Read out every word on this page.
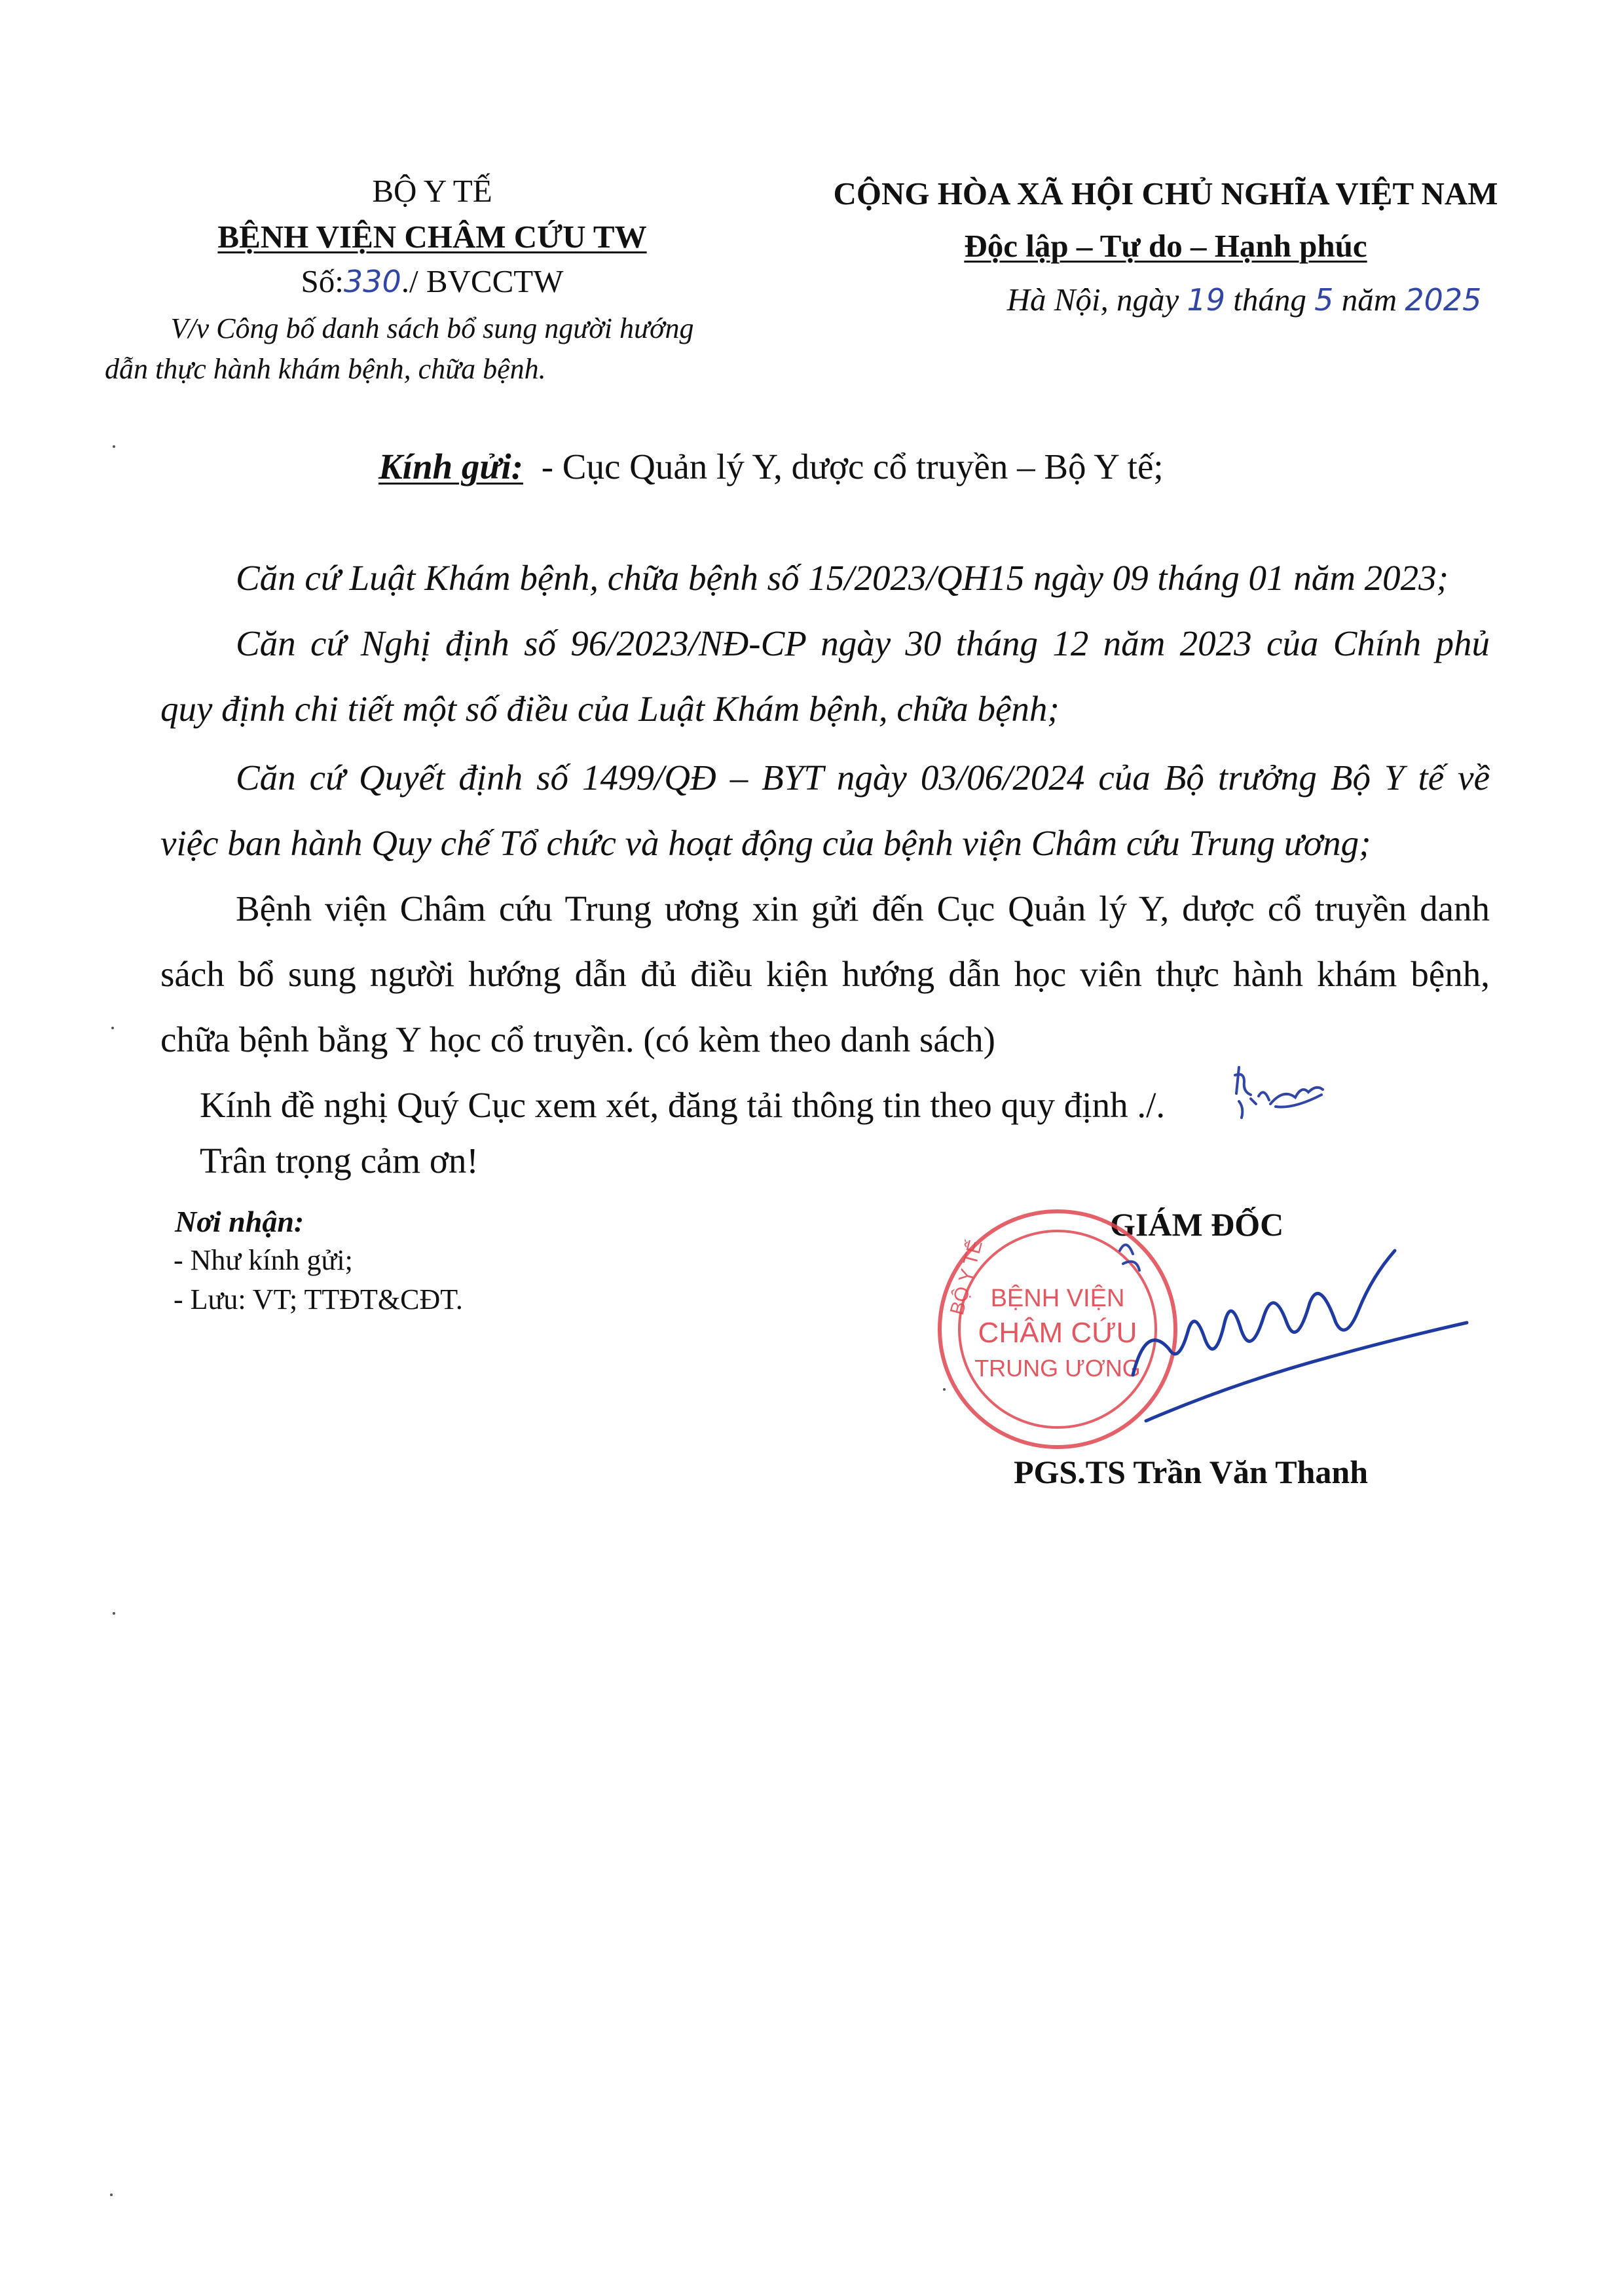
BỘ Y TẾ
BỆNH VIỆN CHÂM CỨU TW
Số:330./ BVCCTW
V/v Công bố danh sách bổ sung người hướng
dẫn thực hành khám bệnh, chữa bệnh.
CỘNG HÒA XÃ HỘI CHỦ NGHĨA VIỆT NAM
Độc lập – Tự do – Hạnh phúc
Hà Nội, ngày 19 tháng 5 năm 2025
Kính gửi: - Cục Quản lý Y, dược cổ truyền – Bộ Y tế;
Căn cứ Luật Khám bệnh, chữa bệnh số 15/2023/QH15 ngày 09 tháng 01 năm 2023;
Căn cứ Nghị định số 96/2023/NĐ-CP ngày 30 tháng 12 năm 2023 của Chính phủ
quy định chi tiết một số điều của Luật Khám bệnh, chữa bệnh;
Căn cứ Quyết định số 1499/QĐ – BYT ngày 03/06/2024 của Bộ trưởng Bộ Y tế về
việc ban hành Quy chế Tổ chức và hoạt động của bệnh viện Châm cứu Trung ương;
Bệnh viện Châm cứu Trung ương xin gửi đến Cục Quản lý Y, dược cổ truyền danh
sách bổ sung người hướng dẫn đủ điều kiện hướng dẫn học viên thực hành khám bệnh,
chữa bệnh bằng Y học cổ truyền. (có kèm theo danh sách)
Kính đề nghị Quý Cục xem xét, đăng tải thông tin theo quy định ./.
Trân trọng cảm ơn!
Nơi nhận:
- Như kính gửi;
- Lưu: VT; TTĐT&CĐT.
GIÁM ĐỐC
BỘ Y TẾ BỆNH VIỆN
CHÂM CỨU
TRUNG ƯƠNG
PGS.TS Trần Văn Thanh
